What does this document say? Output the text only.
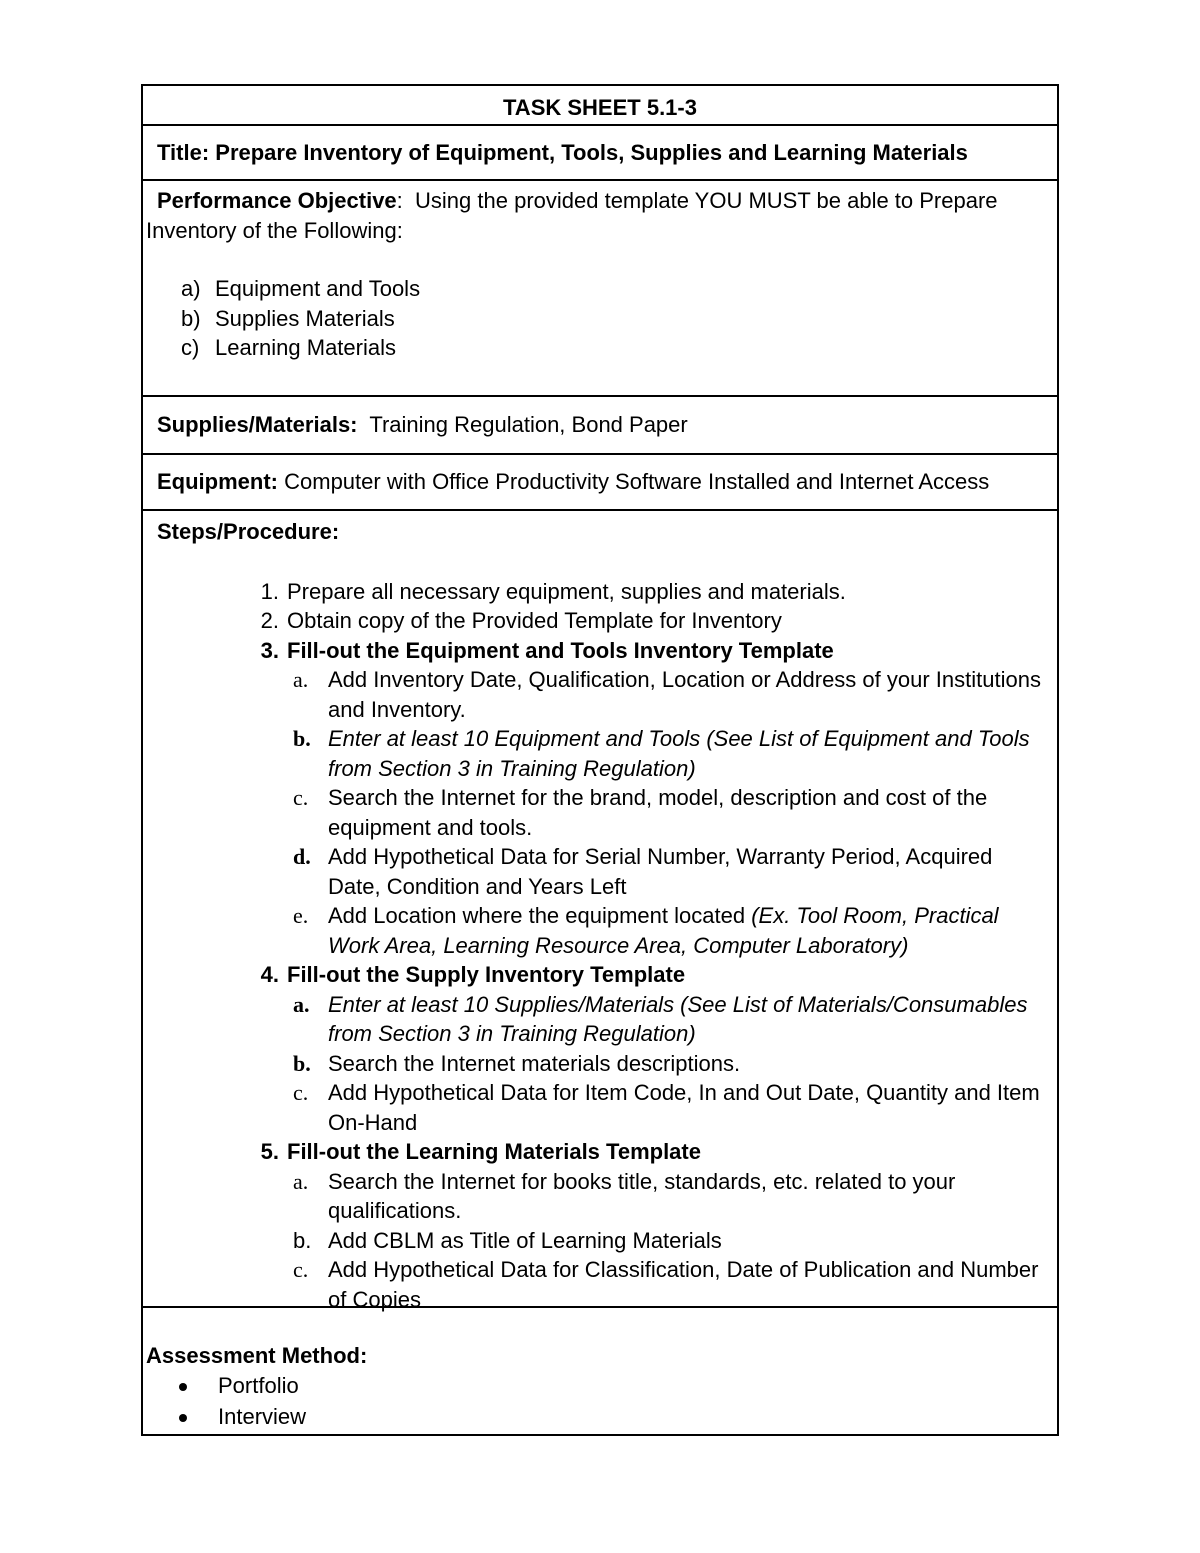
TASK SHEET 5.1-3
Title: Prepare Inventory of Equipment, Tools, Supplies and Learning Materials
Performance Objective: Using the provided template YOU MUST be able to Prepare
Inventory of the Following:
a) Equipment and Tools
b) Supplies Materials
c) Learning Materials
Supplies/Materials: Training Regulation, Bond Paper
Equipment: Computer with Office Productivity Software Installed and Internet Access
Steps/Procedure:
1. Prepare all necessary equipment, supplies and materials.
2. Obtain copy of the Provided Template for Inventory
3. Fill-out the Equipment and Tools Inventory Template
a. Add Inventory Date, Qualification, Location or Address of your Institutions and Inventory.
b. Enter at least 10 Equipment and Tools (See List of Equipment and Tools from Section 3 in Training Regulation)
c. Search the Internet for the brand, model, description and cost of the equipment and tools.
d. Add Hypothetical Data for Serial Number, Warranty Period, Acquired Date, Condition and Years Left
e. Add Location where the equipment located (Ex. Tool Room, Practical Work Area, Learning Resource Area, Computer Laboratory)
4. Fill-out the Supply Inventory Template
a. Enter at least 10 Supplies/Materials (See List of Materials/Consumables from Section 3 in Training Regulation)
b. Search the Internet materials descriptions.
c. Add Hypothetical Data for Item Code, In and Out Date, Quantity and Item On-Hand
5. Fill-out the Learning Materials Template
a. Search the Internet for books title, standards, etc. related to your qualifications.
b. Add CBLM as Title of Learning Materials
c. Add Hypothetical Data for Classification, Date of Publication and Number of Copies
Assessment Method:
Portfolio
Interview
